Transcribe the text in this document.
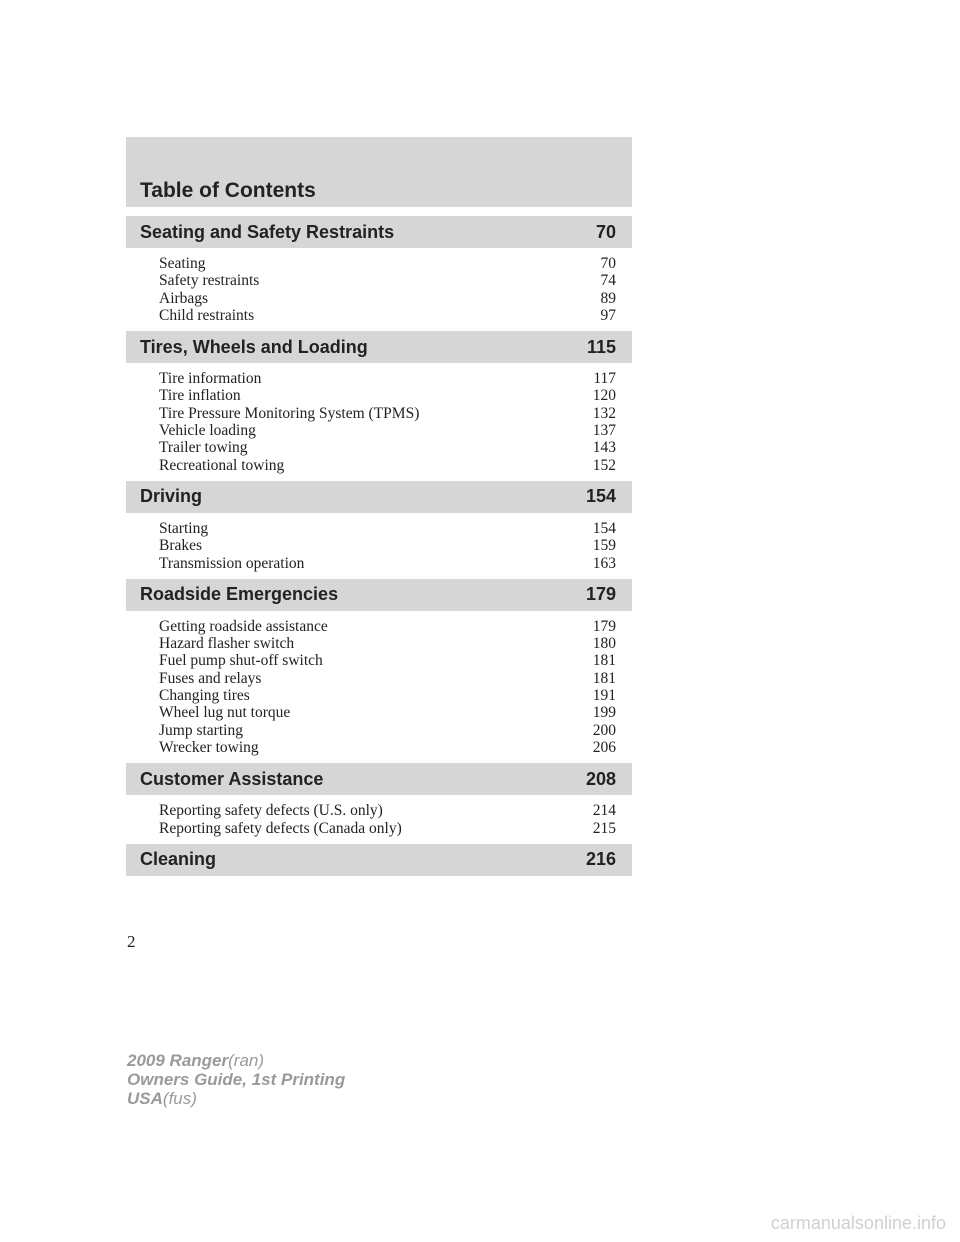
Table of Contents
Seating and Safety Restraints	70
Seating	70
Safety restraints	74
Airbags	89
Child restraints	97
Tires, Wheels and Loading	115
Tire information	117
Tire inflation	120
Tire Pressure Monitoring System (TPMS)	132
Vehicle loading	137
Trailer towing	143
Recreational towing	152
Driving	154
Starting	154
Brakes	159
Transmission operation	163
Roadside Emergencies	179
Getting roadside assistance	179
Hazard flasher switch	180
Fuel pump shut-off switch	181
Fuses and relays	181
Changing tires	191
Wheel lug nut torque	199
Jump starting	200
Wrecker towing	206
Customer Assistance	208
Reporting safety defects (U.S. only)	214
Reporting safety defects (Canada only)	215
Cleaning	216
2
2009 Ranger(ran)
Owners Guide, 1st Printing
USA(fus)
carmanualsonline.info
